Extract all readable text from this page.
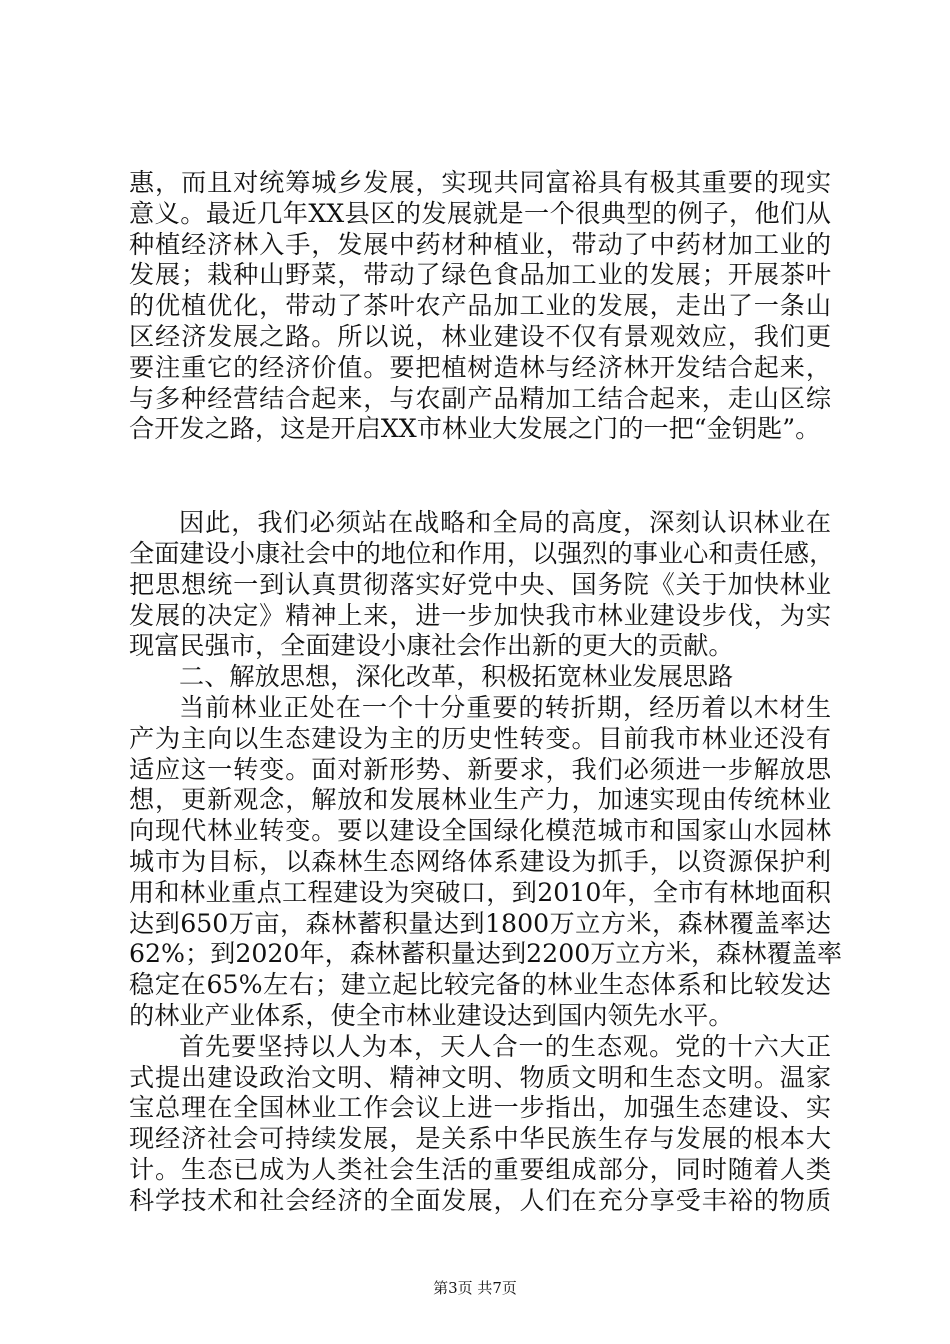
惠，而且对统筹城乡发展，实现共同富裕具有极其重要的现实
意义。最近几年XX县区的发展就是一个很典型的例子，他们从
种植经济林入手，发展中药材种植业，带动了中药材加工业的
发展；栽种山野菜，带动了绿色食品加工业的发展；开展茶叶
的优植优化，带动了茶叶农产品加工业的发展，走出了一条山
区经济发展之路。所以说，林业建设不仅有景观效应，我们更
要注重它的经济价值。要把植树造林与经济林开发结合起来，
与多种经营结合起来，与农副产品精加工结合起来，走山区综
合开发之路，这是开启XX市林业大发展之门的一把“金钥匙”。
因此，我们必须站在战略和全局的高度，深刻认识林业在
全面建设小康社会中的地位和作用，以强烈的事业心和责任感，
把思想统一到认真贯彻落实好党中央、国务院《关于加快林业
发展的决定》精神上来，进一步加快我市林业建设步伐，为实
现富民强市，全面建设小康社会作出新的更大的贡献。
二、解放思想，深化改革，积极拓宽林业发展思路
当前林业正处在一个十分重要的转折期，经历着以木材生
产为主向以生态建设为主的历史性转变。目前我市林业还没有
适应这一转变。面对新形势、新要求，我们必须进一步解放思
想，更新观念，解放和发展林业生产力，加速实现由传统林业
向现代林业转变。要以建设全国绿化模范城市和国家山水园林
城市为目标，以森林生态网络体系建设为抓手，以资源保护利
用和林业重点工程建设为突破口，到2010年，全市有林地面积
达到650万亩，森林蓄积量达到1800万立方米，森林覆盖率达
62%；到2020年，森林蓄积量达到2200万立方米，森林覆盖率
稳定在65%左右；建立起比较完备的林业生态体系和比较发达
的林业产业体系，使全市林业建设达到国内领先水平。
首先要坚持以人为本，天人合一的生态观。党的十六大正
式提出建设政治文明、精神文明、物质文明和生态文明。温家
宝总理在全国林业工作会议上进一步指出，加强生态建设、实
现经济社会可持续发展，是关系中华民族生存与发展的根本大
计。生态已成为人类社会生活的重要组成部分，同时随着人类
科学技术和社会经济的全面发展，人们在充分享受丰裕的物质
第3页 共7页
